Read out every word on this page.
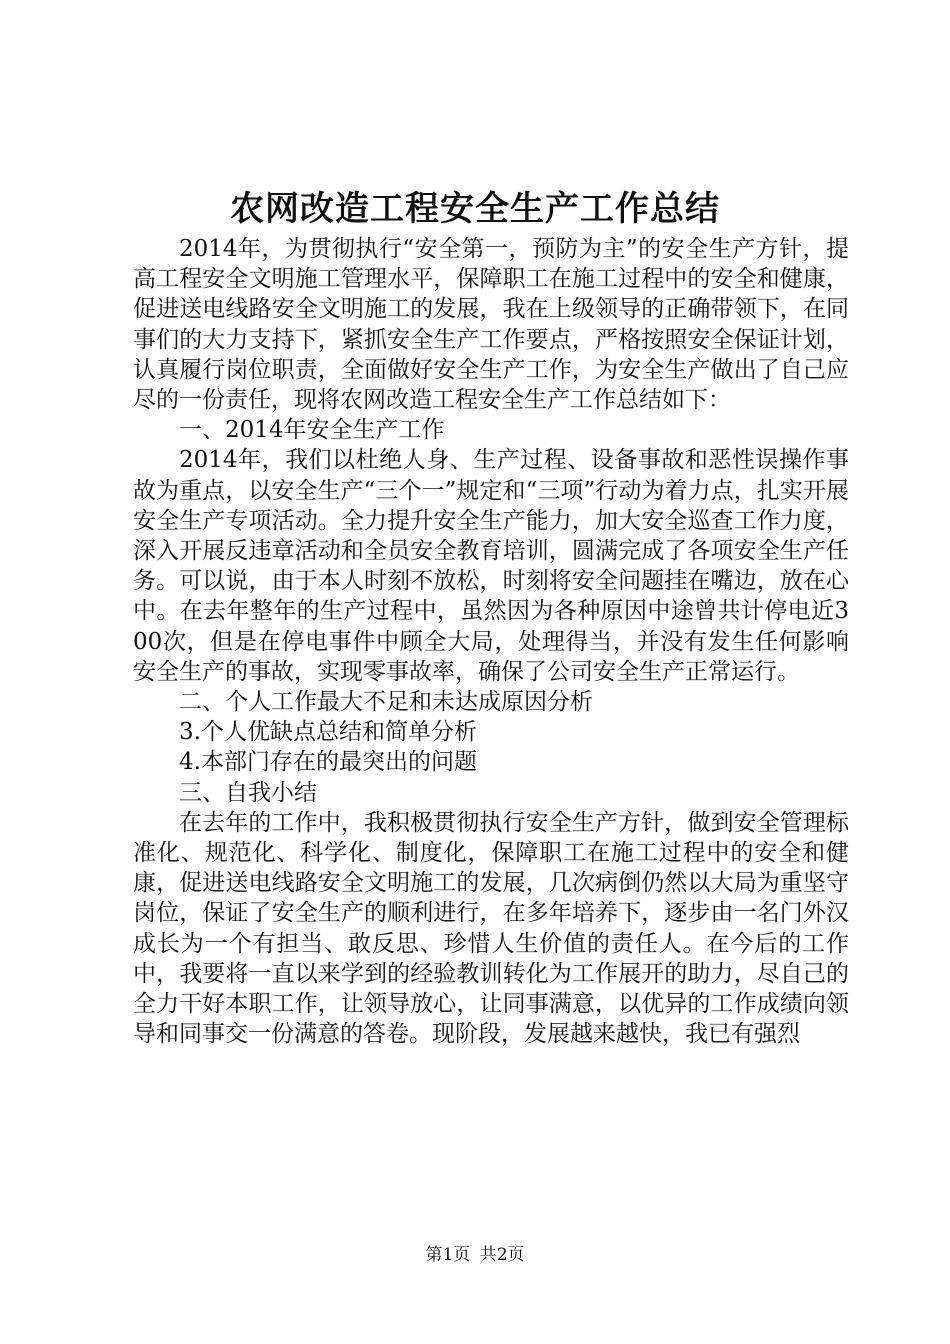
农网改造工程安全生产工作总结

2014年，为贯彻执行“安全第一，预防为主”的安全生产方针，提高工程安全文明施工管理水平，保障职工在施工过程中的安全和健康，促进送电线路安全文明施工的发展，我在上级领导的正确带领下，在同事们的大力支持下，紧抓安全生产工作要点，严格按照安全保证计划，认真履行岗位职责，全面做好安全生产工作，为安全生产做出了自己应尽的一份责任，现将农网改造工程安全生产工作总结如下：

一、2014年安全生产工作

2014年，我们以杜绝人身、生产过程、设备事故和恶性误操作事故为重点，以安全生产“三个一”规定和“三项”行动为着力点，扎实开展安全生产专项活动。全力提升安全生产能力，加大安全巡查工作力度，深入开展反违章活动和全员安全教育培训，圆满完成了各项安全生产任务。可以说，由于本人时刻不放松，时刻将安全问题挂在嘴边，放在心中。在去年整年的生产过程中，虽然因为各种原因中途曾共计停电近300次，但是在停电事件中顾全大局，处理得当，并没有发生任何影响安全生产的事故，实现零事故率，确保了公司安全生产正常运行。

二、个人工作最大不足和未达成原因分析

3.个人优缺点总结和简单分析

4.本部门存在的最突出的问题

三、自我小结

在去年的工作中，我积极贯彻执行安全生产方针，做到安全管理标准化、规范化、科学化、制度化，保障职工在施工过程中的安全和健康，促进送电线路安全文明施工的发展，几次病倒仍然以大局为重坚守岗位，保证了安全生产的顺利进行，在多年培养下，逐步由一名门外汉成长为一个有担当、敢反思、珍惜人生价值的责任人。在今后的工作中，我要将一直以来学到的经验教训转化为工作展开的助力，尽自己的全力干好本职工作，让领导放心，让同事满意，以优异的工作成绩向领导和同事交一份满意的答卷。现阶段，发展越来越快，我已有强烈

第1页 共2页
